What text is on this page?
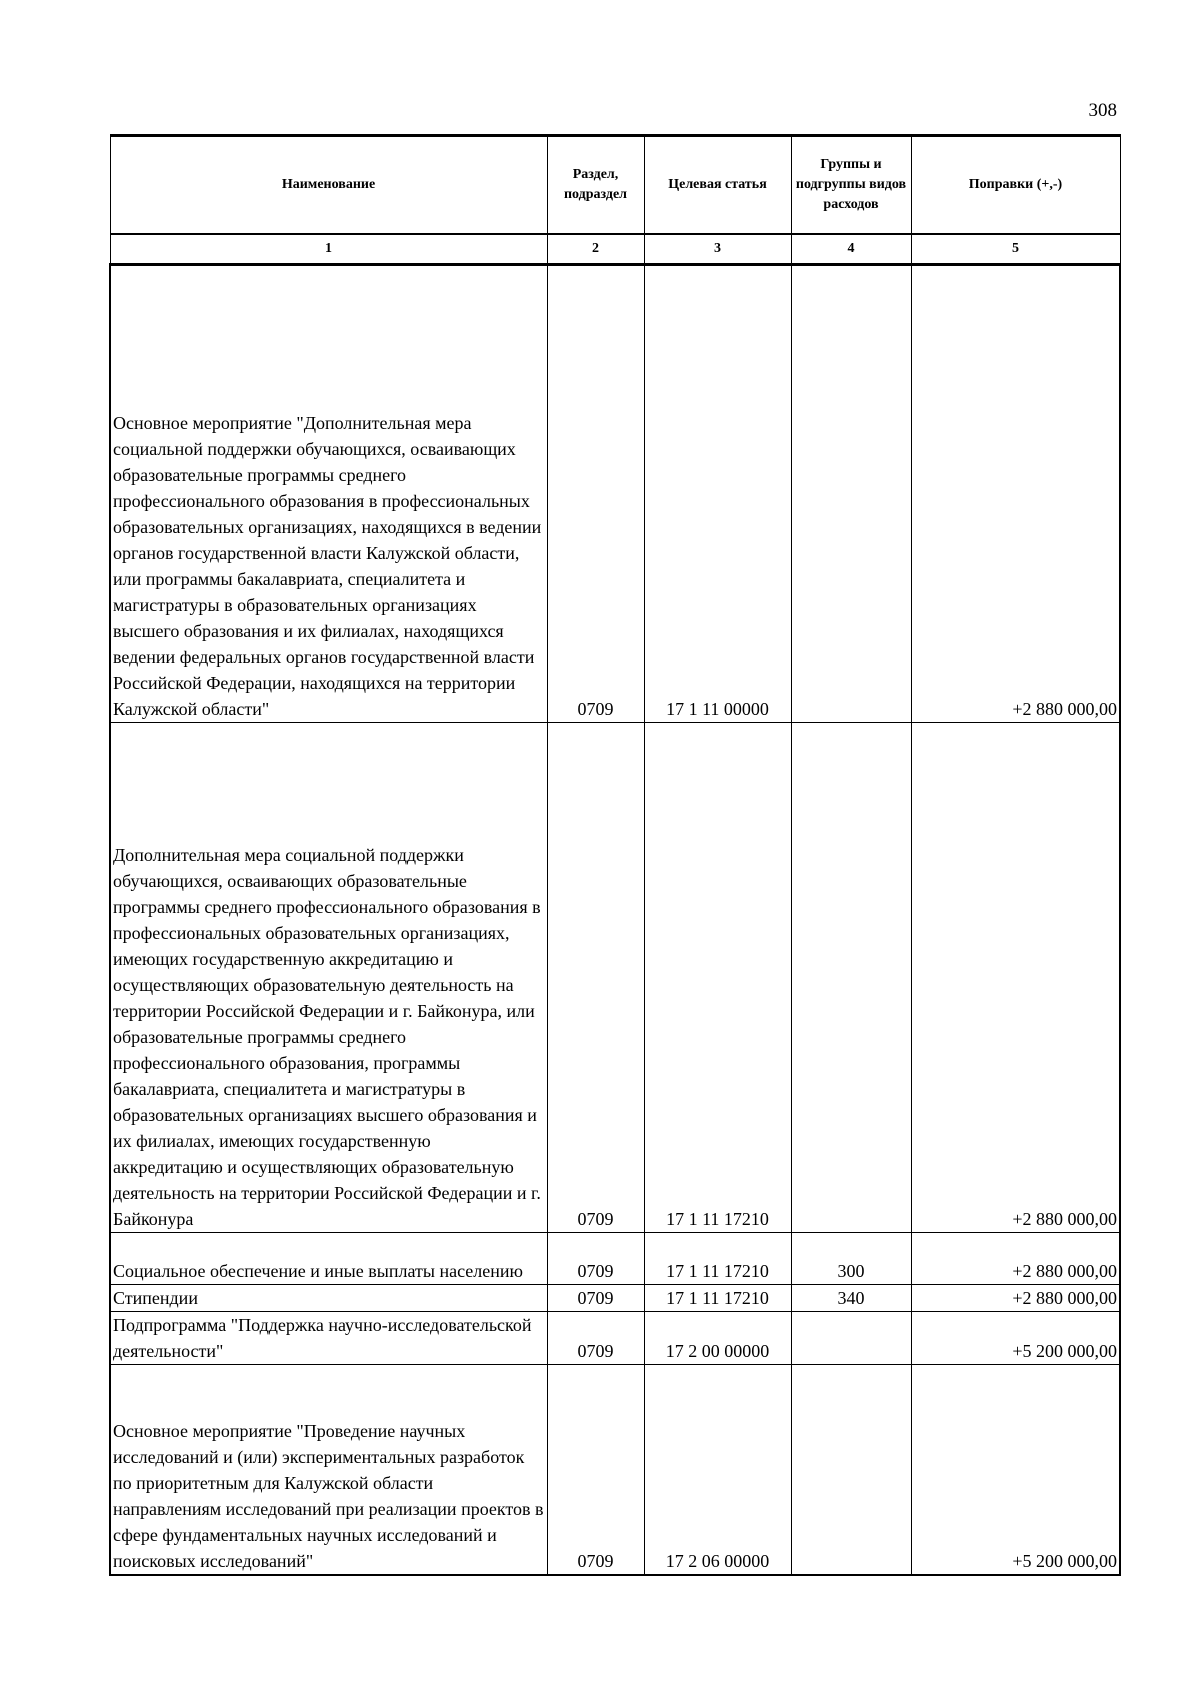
308
Наименование	Раздел, подраздел	Целевая статья	Группы и подгруппы видов расходов	Поправки (+,-)
1	2	3	4	5
Основное мероприятие "Дополнительная мера социальной поддержки обучающихся, осваивающих образовательные программы среднего профессионального образования в профессиональных образовательных организациях, находящихся в ведении органов государственной власти Калужской области, или программы бакалавриата, специалитета и магистратуры в образовательных организациях высшего образования и их филиалах, находящихся ведении федеральных органов государственной власти Российской Федерации, находящихся на территории Калужской области"	0709	17 1 11 00000		+2 880 000,00
Дополнительная мера социальной поддержки обучающихся, осваивающих образовательные программы среднего профессионального образования в профессиональных образовательных организациях, имеющих государственную аккредитацию и осуществляющих образовательную деятельность на территории Российской Федерации и г. Байконура, или образовательные программы среднего профессионального образования, программы бакалавриата, специалитета и магистратуры в образовательных организациях высшего образования и их филиалах, имеющих государственную аккредитацию и осуществляющих образовательную деятельность на территории Российской Федерации и г. Байконура	0709	17 1 11 17210		+2 880 000,00
Социальное обеспечение и иные выплаты населению	0709	17 1 11 17210	300	+2 880 000,00
Стипендии	0709	17 1 11 17210	340	+2 880 000,00
Подпрограмма "Поддержка научно-исследовательской деятельности"	0709	17 2 00 00000		+5 200 000,00
Основное мероприятие "Проведение научных исследований и (или) экспериментальных разработок по приоритетным для Калужской области направлениям исследований при реализации проектов в сфере фундаментальных научных исследований и поисковых исследований"	0709	17 2 06 00000		+5 200 000,00
